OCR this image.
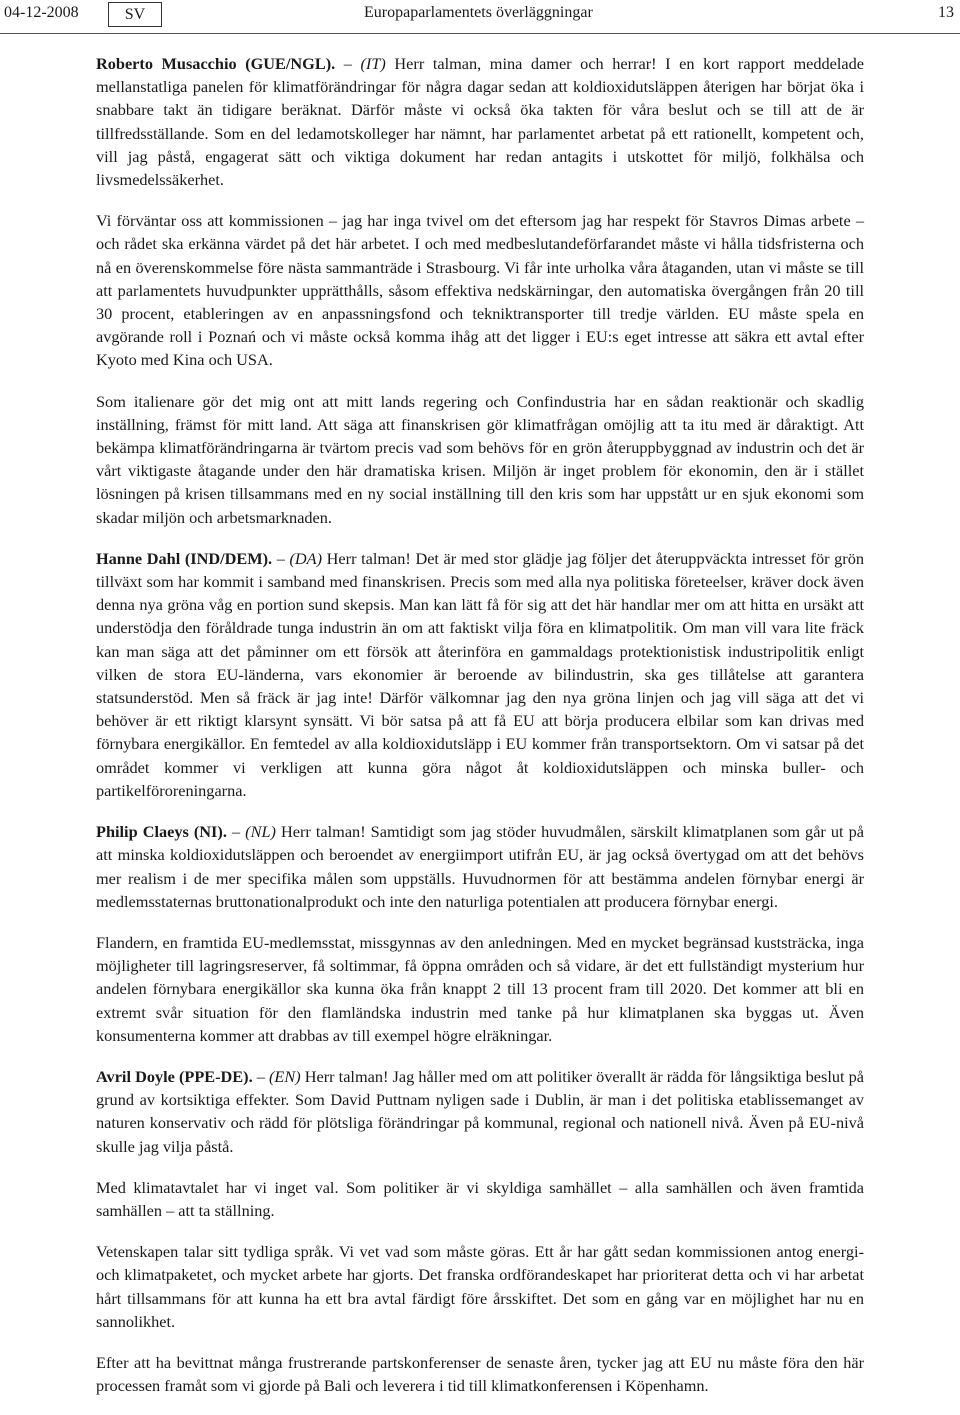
04-12-2008	SV	Europaparlamentets överläggningar	13

Roberto Musacchio (GUE/NGL). – (IT) Herr talman, mina damer och herrar! I en kort rapport meddelade mellanstatliga panelen för klimatförändringar för några dagar sedan att koldioxidutsläppen återigen har börjat öka i snabbare takt än tidigare beräknat. Därför måste vi också öka takten för våra beslut och se till att de är tillfredsställande. Som en del ledamotskolleger har nämnt, har parlamentet arbetat på ett rationellt, kompetent och, vill jag påstå, engagerat sätt och viktiga dokument har redan antagits i utskottet för miljö, folkhälsa och livsmedelssäkerhet.

Vi förväntar oss att kommissionen – jag har inga tvivel om det eftersom jag har respekt för Stavros Dimas arbete – och rådet ska erkänna värdet på det här arbetet. I och med medbeslutandeförfarandet måste vi hålla tidsfristerna och nå en överenskommelse före nästa sammanträde i Strasbourg. Vi får inte urholka våra åtaganden, utan vi måste se till att parlamentets huvudpunkter upprätthålls, såsom effektiva nedskärningar, den automatiska övergången från 20 till 30 procent, etableringen av en anpassningsfond och tekniktransporter till tredje världen. EU måste spela en avgörande roll i Poznań och vi måste också komma ihåg att det ligger i EU:s eget intresse att säkra ett avtal efter Kyoto med Kina och USA.

Som italienare gör det mig ont att mitt lands regering och Confindustria har en sådan reaktionär och skadlig inställning, främst för mitt land. Att säga att finanskrisen gör klimatfrågan omöjlig att ta itu med är dåraktigt. Att bekämpa klimatförändringarna är tvärtom precis vad som behövs för en grön återuppbyggnad av industrin och det är vårt viktigaste åtagande under den här dramatiska krisen. Miljön är inget problem för ekonomin, den är i stället lösningen på krisen tillsammans med en ny social inställning till den kris som har uppstått ur en sjuk ekonomi som skadar miljön och arbetsmarknaden.

Hanne Dahl (IND/DEM). – (DA) Herr talman! Det är med stor glädje jag följer det återuppväckta intresset för grön tillväxt som har kommit i samband med finanskrisen. Precis som med alla nya politiska företeelser, kräver dock även denna nya gröna våg en portion sund skepsis. Man kan lätt få för sig att det här handlar mer om att hitta en ursäkt att understödja den föråldrade tunga industrin än om att faktiskt vilja föra en klimatpolitik. Om man vill vara lite fräck kan man säga att det påminner om ett försök att återinföra en gammaldags protektionistisk industripolitik enligt vilken de stora EU-länderna, vars ekonomier är beroende av bilindustrin, ska ges tillåtelse att garantera statsunderstöd. Men så fräck är jag inte! Därför välkomnar jag den nya gröna linjen och jag vill säga att det vi behöver är ett riktigt klarsynt synsätt. Vi bör satsa på att få EU att börja producera elbilar som kan drivas med förnybara energikällor. En femtedel av alla koldioxidutsläpp i EU kommer från transportsektorn. Om vi satsar på det området kommer vi verkligen att kunna göra något åt koldioxidutsläppen och minska buller- och partikelföroreningarna.

Philip Claeys (NI). – (NL) Herr talman! Samtidigt som jag stöder huvudmålen, särskilt klimatplanen som går ut på att minska koldioxidutsläppen och beroendet av energiimport utifrån EU, är jag också övertygad om att det behövs mer realism i de mer specifika målen som uppställs. Huvudnormen för att bestämma andelen förnybar energi är medlemsstaternas bruttonationalprodukt och inte den naturliga potentialen att producera förnybar energi.

Flandern, en framtida EU-medlemsstat, missgynnas av den anledningen. Med en mycket begränsad kuststräcka, inga möjligheter till lagringsreserver, få soltimmar, få öppna områden och så vidare, är det ett fullständigt mysterium hur andelen förnybara energikällor ska kunna öka från knappt 2 till 13 procent fram till 2020. Det kommer att bli en extremt svår situation för den flamländska industrin med tanke på hur klimatplanen ska byggas ut. Även konsumenterna kommer att drabbas av till exempel högre elräkningar.

Avril Doyle (PPE-DE). – (EN) Herr talman! Jag håller med om att politiker överallt är rädda för långsiktiga beslut på grund av kortsiktiga effekter. Som David Puttnam nyligen sade i Dublin, är man i det politiska etablissemanget av naturen konservativ och rädd för plötsliga förändringar på kommunal, regional och nationell nivå. Även på EU-nivå skulle jag vilja påstå.

Med klimatavtalet har vi inget val. Som politiker är vi skyldiga samhället – alla samhällen och även framtida samhällen – att ta ställning.

Vetenskapen talar sitt tydliga språk. Vi vet vad som måste göras. Ett år har gått sedan kommissionen antog energi- och klimatpaketet, och mycket arbete har gjorts. Det franska ordförandeskapet har prioriterat detta och vi har arbetat hårt tillsammans för att kunna ha ett bra avtal färdigt före årsskiftet. Det som en gång var en möjlighet har nu en sannolikhet.

Efter att ha bevittnat många frustrerande partskonferenser de senaste åren, tycker jag att EU nu måste föra den här processen framåt som vi gjorde på Bali och leverera i tid till klimatkonferensen i Köpenhamn.
